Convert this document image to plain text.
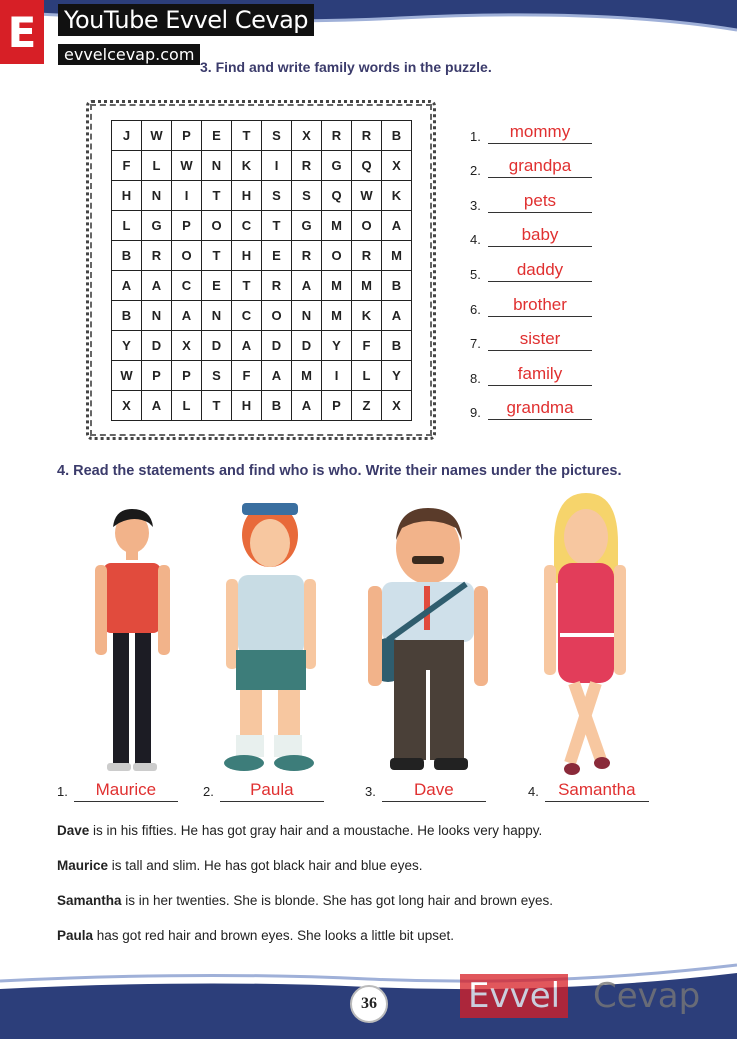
E	YouTube Evvel Cevap
evvelcevap.com
3. Find and write family words in the puzzle.
J	W	P	E	T	S	X	R	R	B
F	L	W	N	K	I	R	G	Q	X
H	N	I	T	H	S	S	Q	W	K
L	G	P	O	C	T	G	M	O	A
B	R	O	T	H	E	R	O	R	M
A	A	C	E	T	R	A	M	M	B
B	N	A	N	C	O	N	M	K	A
Y	D	X	D	A	D	D	Y	F	B
W	P	P	S	F	A	M	I	L	Y
X	A	L	T	H	B	A	P	Z	X
1.	mommy
2.	grandpa
3.	pets
4.	baby
5.	daddy
6.	brother
7.	sister
8.	family
9.	grandma
4. Read the statements and find who is who. Write their names under the pictures.
1.	Maurice	2.	Paula	3.	Dave	4.	Samantha

Dave is in his fifties. He has got gray hair and a moustache. He looks very happy.

Maurice is tall and slim. He has got black hair and blue eyes.

Samantha is in her twenties. She is blonde. She has got long hair and brown eyes.

Paula has got red hair and brown eyes. She looks a little bit upset.

36	Evvel Cevap
